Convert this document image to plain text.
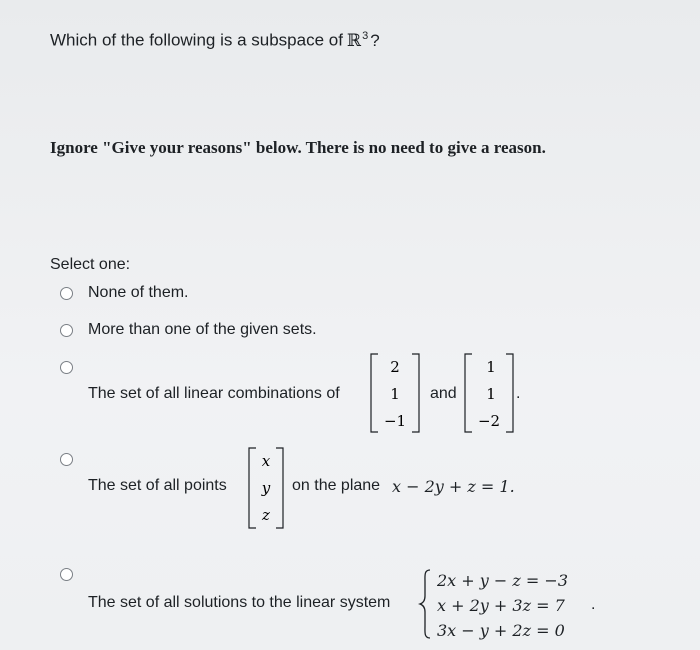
Which of the following is a subspace of ℝ$^3$ ?
Ignore "Give your reasons" below. There is no need to give a reason.
Select one:
None of them.
More than one of the given sets.
The set of all linear combinations of
2
1
−1
and
1
1
−2
.
The set of all points
x
y
z
on the plane x − 2y + z = 1.
The set of all solutions to the linear system
2x + y − z = −3
x + 2y + 3z = 7
3x − y + 2z = 0
.
